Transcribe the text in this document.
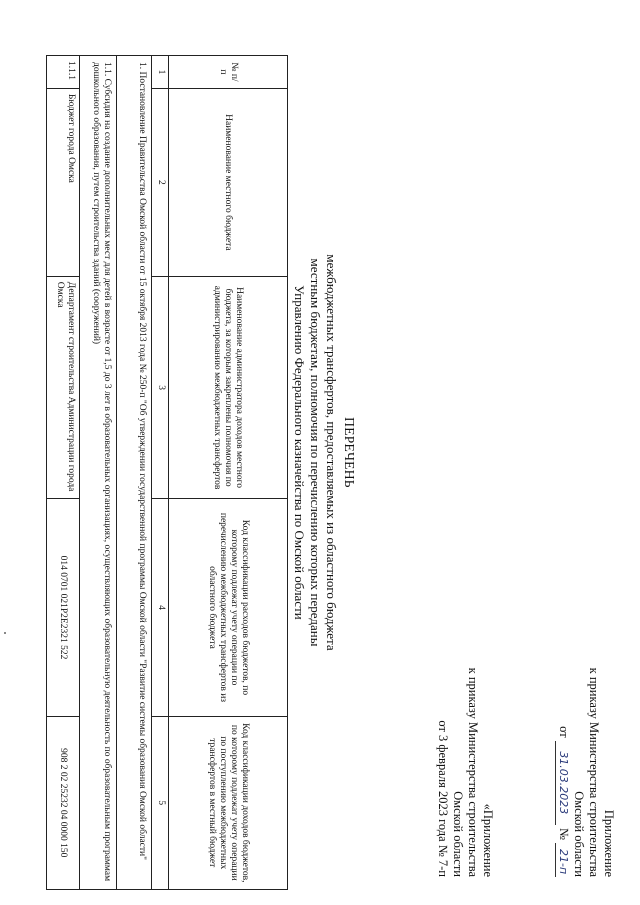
Приложение
к приказу Министерства строительства
Омской области
от 31.03.2023 № 21-п
«Приложение
к приказу Министерства строительства
Омской области
от 3 февраля 2023 года № 7-п
ПЕРЕЧЕНЬ
межбюджетных трансфертов, предоставляемых из областного бюджета
местным бюджетам, полномочия по перечислению которых переданы
Управлению Федерального казначейства по Омской области
№ п/п	Наименование местного бюджета	Наименование администратора доходов местного бюджета, за которым закреплены полномочия по администрированию межбюджетных трансфертов	Код классификации расходов бюджетов, по которому подлежат учету операции по перечислению межбюджетных трансфертов из областного бюджета	Код классификации доходов бюджетов, по которому подлежат учету операции по поступлению межбюджетных трансфертов в местный бюджет
1	2	3	4	5
1. Постановление Правительства Омской области от 15 октября 2013 года № 250-п "Об утверждении государственной программы Омской области "Развитие системы образования Омской области"				
1.1. Субсидия на создание дополнительных мест для детей в возрасте от 1,5 до 3 лет в образовательных организациях, осуществляющих образовательную деятельность по образовательным программам дошкольного образования, путем строительства зданий (сооружений)				
1.1.1	Бюджет города Омска	Департамент строительства Администрации города Омска	014 0701 021P2Е2321 522	908 2 02 25232 04 0000 150
